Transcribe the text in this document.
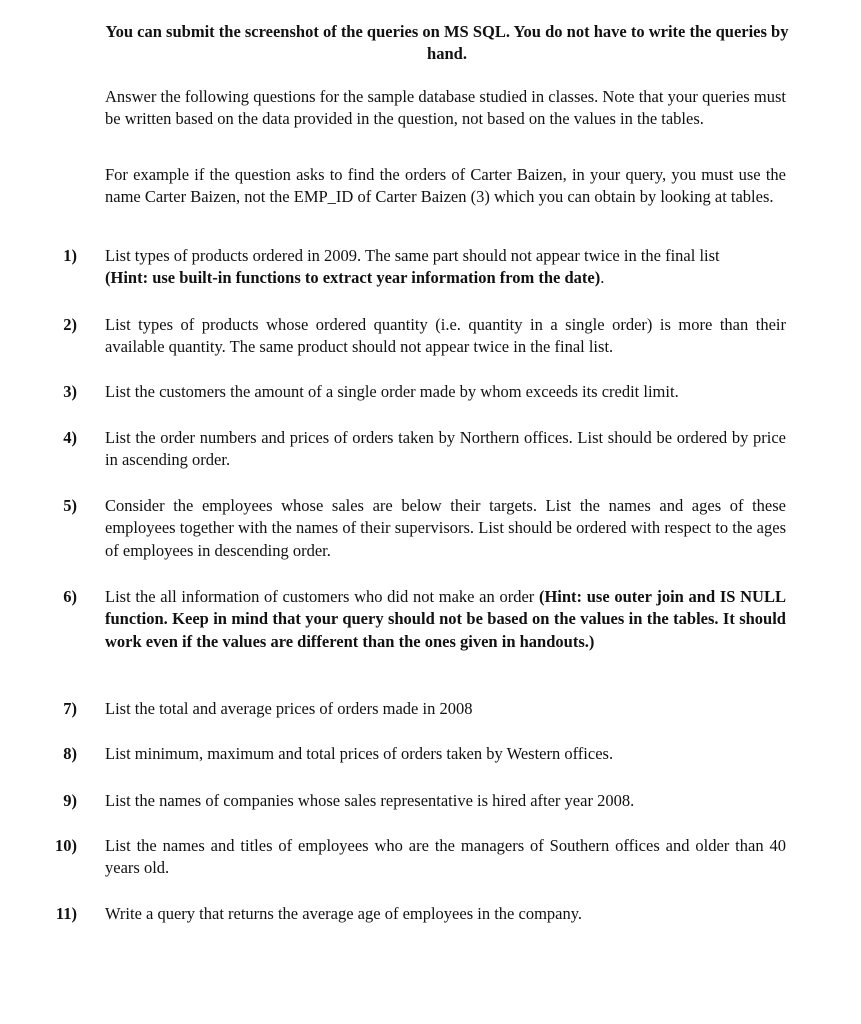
You can submit the screenshot of the queries on MS SQL. You do not have to write the queries by hand.
Answer the following questions for the sample database studied in classes. Note that your queries must be written based on the data provided in the question, not based on the values in the tables.
For example if the question asks to find the orders of Carter Baizen, in your query, you must use the name Carter Baizen, not the EMP_ID of Carter Baizen (3) which you can obtain by looking at tables.
1) List types of products ordered in 2009. The same part should not appear twice in the final list
(Hint: use built-in functions to extract year information from the date).
2) List types of products whose ordered quantity (i.e. quantity in a single order) is more than their available quantity. The same product should not appear twice in the final list.
3) List the customers the amount of a single order made by whom exceeds its credit limit.
4) List the order numbers and prices of orders taken by Northern offices. List should be ordered by price in ascending order.
5) Consider the employees whose sales are below their targets. List the names and ages of these employees together with the names of their supervisors. List should be ordered with respect to the ages of employees in descending order.
6) List the all information of customers who did not make an order (Hint: use outer join and IS NULL function. Keep in mind that your query should not be based on the values in the tables. It should work even if the values are different than the ones given in handouts.)
7) List the total and average prices of orders made in 2008
8) List minimum, maximum and total prices of orders taken by Western offices.
9) List the names of companies whose sales representative is hired after year 2008.
10) List the names and titles of employees who are the managers of Southern offices and older than 40 years old.
11) Write a query that returns the average age of employees in the company.
